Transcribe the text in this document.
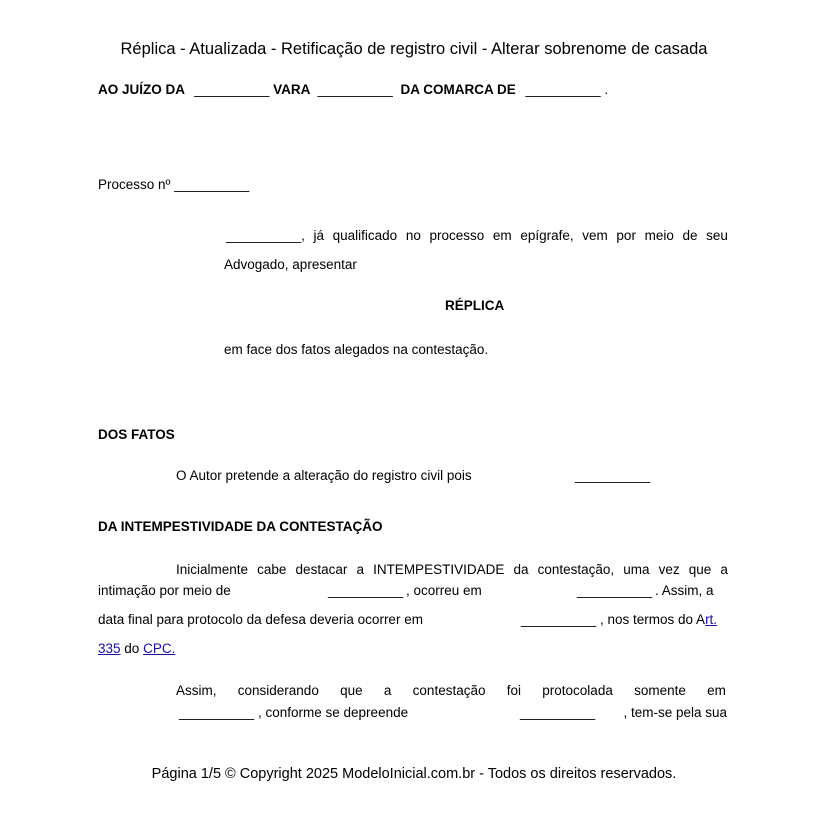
Réplica - Atualizada - Retificação de registro civil - Alterar sobrenome de casada
AO JUÍZO DA __________ VARA __________ DA COMARCA DE __________ .
Processo nº __________
__________, já qualificado no processo em epígrafe, vem por meio de seu
Advogado, apresentar
RÉPLICA
em face dos fatos alegados na contestação.
DOS FATOS
O Autor pretende a alteração do registro civil pois	__________
DA INTEMPESTIVIDADE DA CONTESTAÇÃO
Inicialmente cabe destacar a INTEMPESTIVIDADE da contestação, uma vez que a
intimação por meio de	__________ , ocorreu em	__________ . Assim, a
data final para protocolo da defesa deveria ocorrer em	__________ , nos termos do Art.
335 do CPC.
Assim, considerando que a contestação foi protocolada somente em
__________ , conforme se depreende	__________	, tem-se pela sua
Página 1/5 © Copyright 2025 ModeloInicial.com.br - Todos os direitos reservados.
